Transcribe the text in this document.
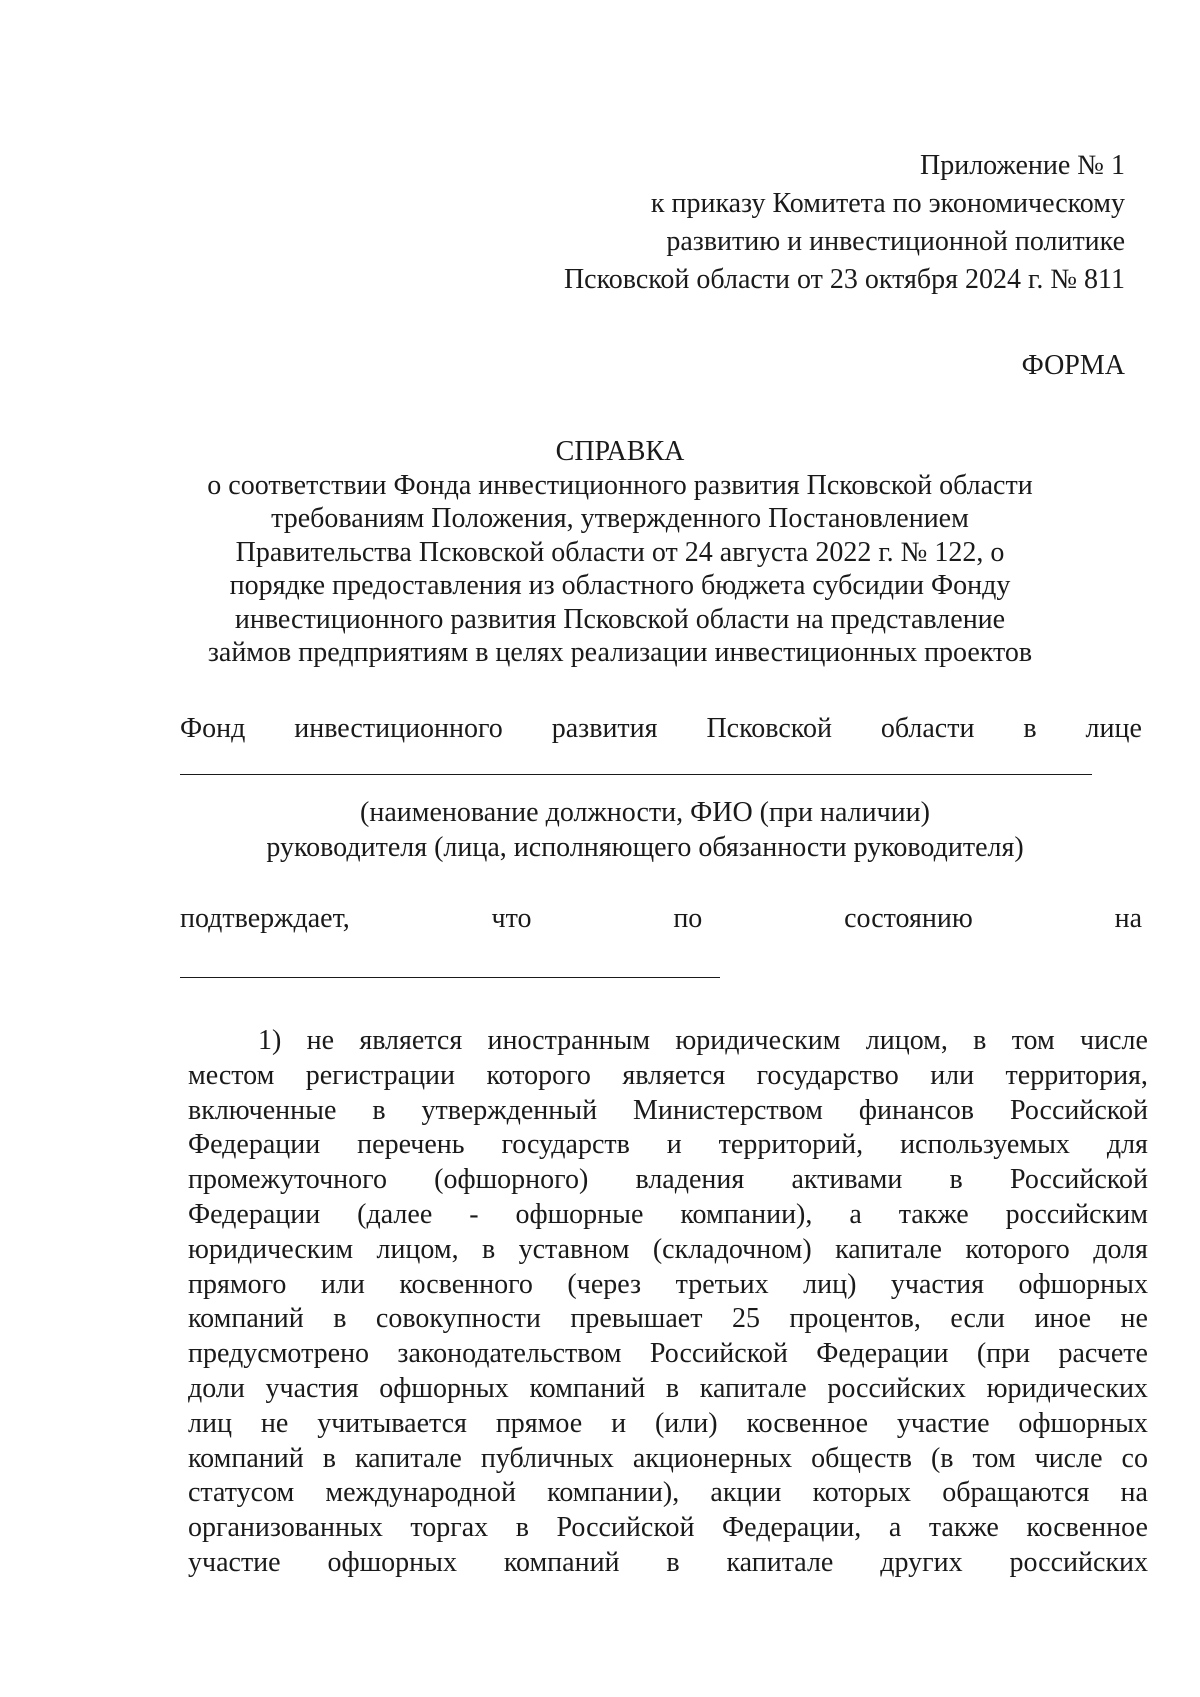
Приложение № 1
к приказу Комитета по экономическому
развитию и инвестиционной политике
Псковской области от 23 октября 2024 г. № 811
ФОРМА
СПРАВКА
о соответствии Фонда инвестиционного развития Псковской области
требованиям Положения, утвержденного Постановлением
Правительства Псковской области от 24 августа 2022 г. № 122, о
порядке предоставления из областного бюджета субсидии Фонду
инвестиционного развития Псковской области на представление
займов предприятиям в целях реализации инвестиционных проектов
Фонд инвестиционного развития Псковской области в лице
(наименование должности, ФИО (при наличии)
руководителя (лица, исполняющего обязанности руководителя)
подтверждает,	что	по	состоянию	на
1) не является иностранным юридическим лицом, в том числе
местом регистрации которого является государство или территория,
включенные в утвержденный Министерством финансов Российской
Федерации перечень государств и территорий, используемых для
промежуточного (офшорного) владения активами в Российской
Федерации (далее - офшорные компании), а также российским
юридическим лицом, в уставном (складочном) капитале которого доля
прямого или косвенного (через третьих лиц) участия офшорных
компаний в совокупности превышает 25 процентов, если иное не
предусмотрено законодательством Российской Федерации (при расчете
доли участия офшорных компаний в капитале российских юридических
лиц не учитывается прямое и (или) косвенное участие офшорных
компаний в капитале публичных акционерных обществ (в том числе со
статусом международной компании), акции которых обращаются на
организованных торгах в Российской Федерации, а также косвенное
участие офшорных компаний в капитале других российских
